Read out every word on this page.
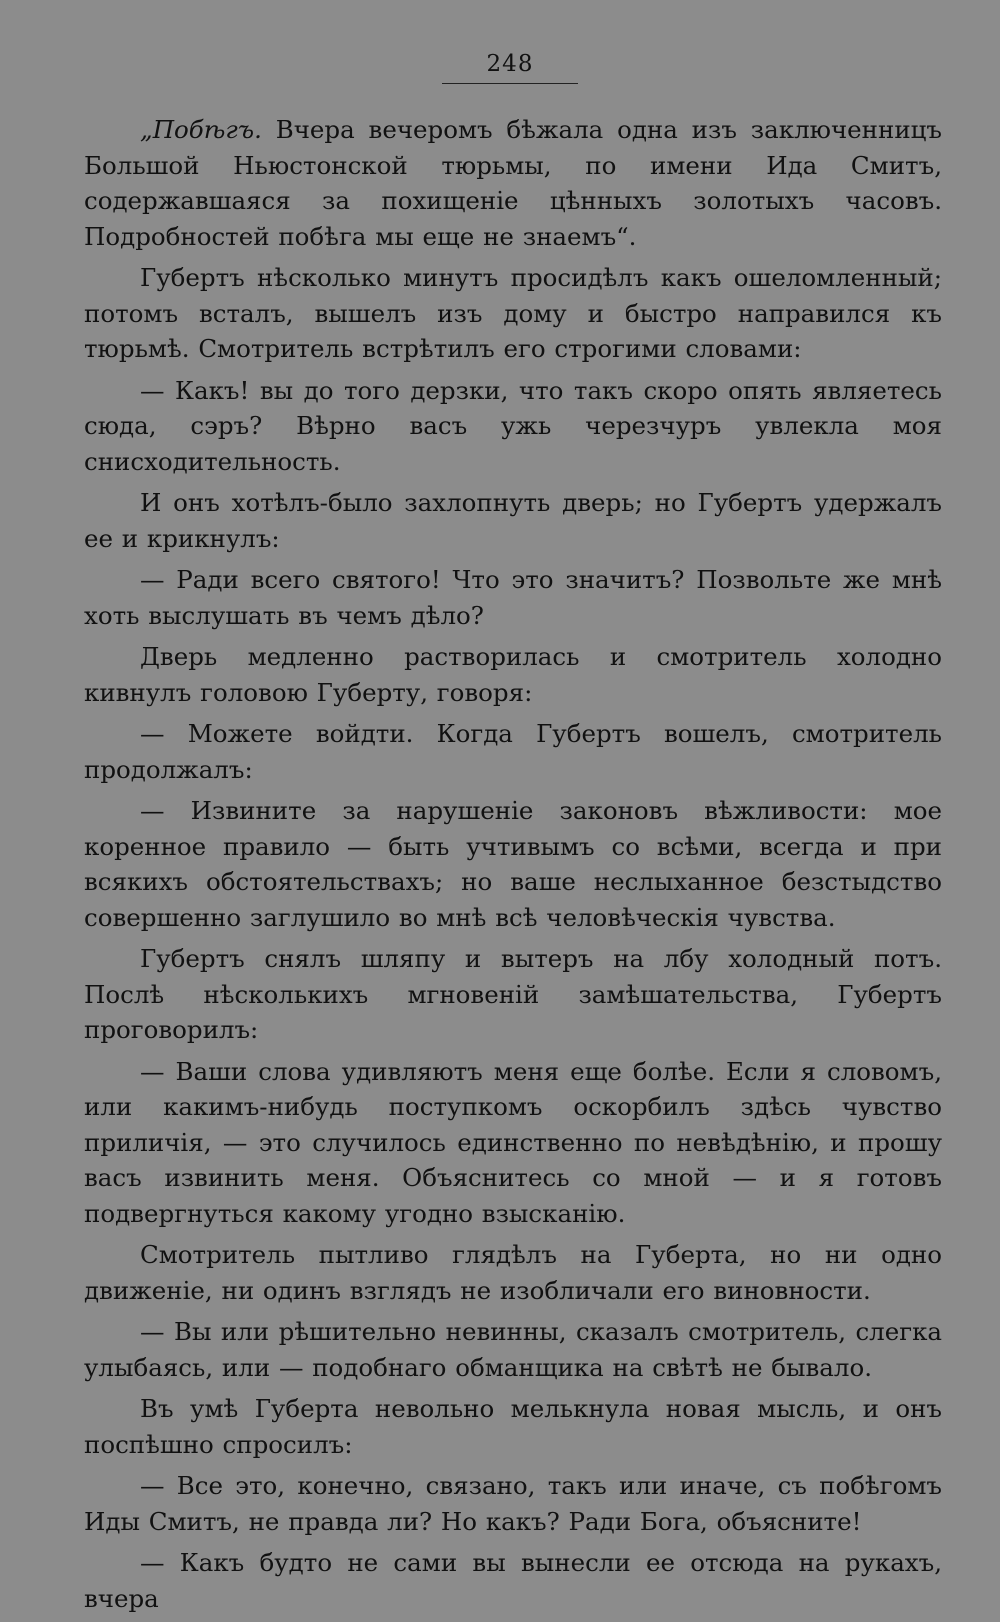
248

„Побѣгъ. Вчера вечеромъ бѣжала одна изъ заключенницъ Большой Ньюстонской тюрьмы, по имени Ида Смитъ, содержавшаяся за похищеніе цѣнныхъ золотыхъ часовъ. Подробностей побѣга мы еще не знаемъ“.

Губертъ нѣсколько минутъ просидѣлъ какъ ошеломленный; потомъ всталъ, вышелъ изъ дому и быстро направился къ тюрьмѣ. Смотритель встрѣтилъ его строгими словами:

— Какъ! вы до того дерзки, что такъ скоро опять являетесь сюда, сэръ? Вѣрно васъ ужь черезчуръ увлекла моя снисходительность.

И онъ хотѣлъ-было захлопнуть дверь; но Губертъ удержалъ ее и крикнулъ:

— Ради всего святого! Что это значитъ? Позвольте же мнѣ хоть выслушать въ чемъ дѣло?

Дверь медленно растворилась и смотритель холодно кивнулъ головою Губерту, говоря:

— Можете войдти. Когда Губертъ вошелъ, смотритель продолжалъ:

— Извините за нарушеніе законовъ вѣжливости: мое коренное правило — быть учтивымъ со всѣми, всегда и при всякихъ обстоятельствахъ; но ваше неслыханное безстыдство совершенно заглушило во мнѣ всѣ человѣческія чувства.

Губертъ снялъ шляпу и вытеръ на лбу холодный потъ. Послѣ нѣсколькихъ мгновеній замѣшательства, Губертъ проговорилъ:

— Ваши слова удивляютъ меня еще болѣе. Если я словомъ, или какимъ-нибудь поступкомъ оскорбилъ здѣсь чувство приличія, — это случилось единственно по невѣдѣнію, и прошу васъ извинить меня. Объяснитесь со мной — и я готовъ подвергнуться какому угодно взысканію.

Смотритель пытливо глядѣлъ на Губерта, но ни одно движеніе, ни одинъ взглядъ не изобличали его виновности.

— Вы или рѣшительно невинны, сказалъ смотритель, слегка улыбаясь, или — подобнаго обманщика на свѣтѣ не бывало.

Въ умѣ Губерта невольно мелькнула новая мысль, и онъ поспѣшно спросилъ:

— Все это, конечно, связано, такъ или иначе, съ побѣгомъ Иды Смитъ, не правда ли? Но какъ? Ради Бога, объясните!

— Какъ будто не сами вы вынесли ее отсюда на рукахъ, вчера
